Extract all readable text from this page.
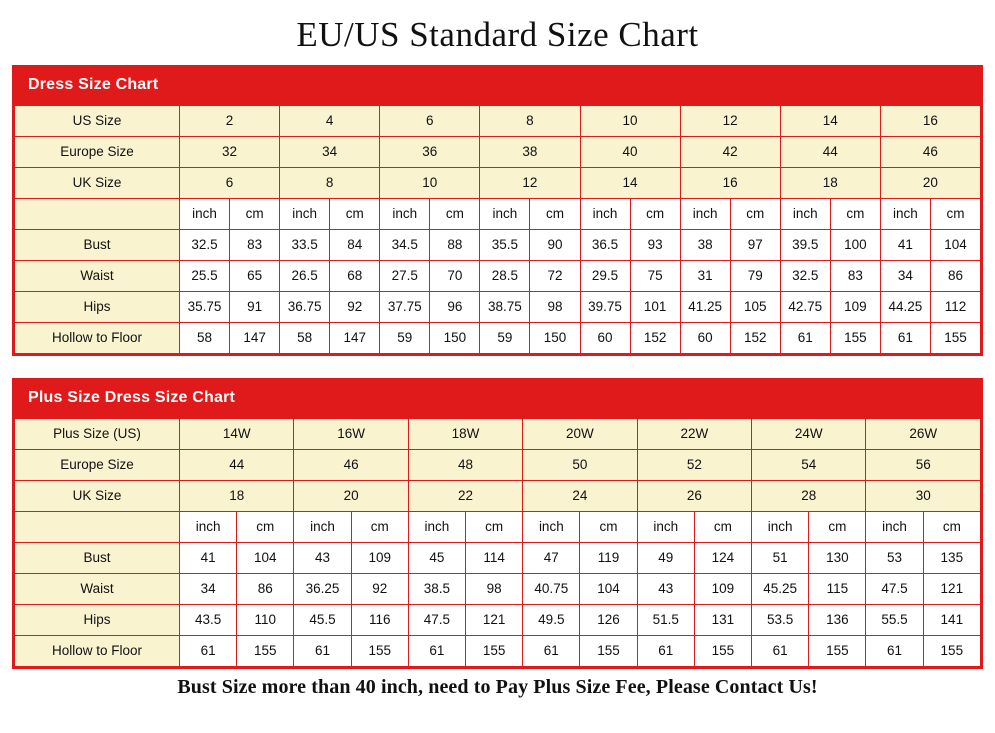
EU/US Standard Size Chart
Dress Size Chart
US Size	2		4		6		8		10		12		14		16	
Europe Size	32		34		36		38		40		42		44		46	
UK Size	6		8		10		12		14		16		18		20	
	inch	cm	inch	cm	inch	cm	inch	cm	inch	cm	inch	cm	inch	cm	inch	cm
Bust	32.5	83	33.5	84	34.5	88	35.5	90	36.5	93	38	97	39.5	100	41	104
Waist	25.5	65	26.5	68	27.5	70	28.5	72	29.5	75	31	79	32.5	83	34	86
Hips	35.75	91	36.75	92	37.75	96	38.75	98	39.75	101	41.25	105	42.75	109	44.25	112
Hollow to Floor	58	147	58	147	59	150	59	150	60	152	60	152	61	155	61	155
Plus Size Dress Size Chart
Plus Size (US)	14W		16W		18W		20W		22W		24W		26W	
Europe Size	44		46		48		50		52		54		56	
UK Size	18		20		22		24		26		28		30	
	inch	cm	inch	cm	inch	cm	inch	cm	inch	cm	inch	cm	inch	cm
Bust	41	104	43	109	45	114	47	119	49	124	51	130	53	135
Waist	34	86	36.25	92	38.5	98	40.75	104	43	109	45.25	115	47.5	121
Hips	43.5	110	45.5	116	47.5	121	49.5	126	51.5	131	53.5	136	55.5	141
Hollow to Floor	61	155	61	155	61	155	61	155	61	155	61	155	61	155
Bust Size more than 40 inch, need to Pay Plus Size Fee, Please Contact Us!
